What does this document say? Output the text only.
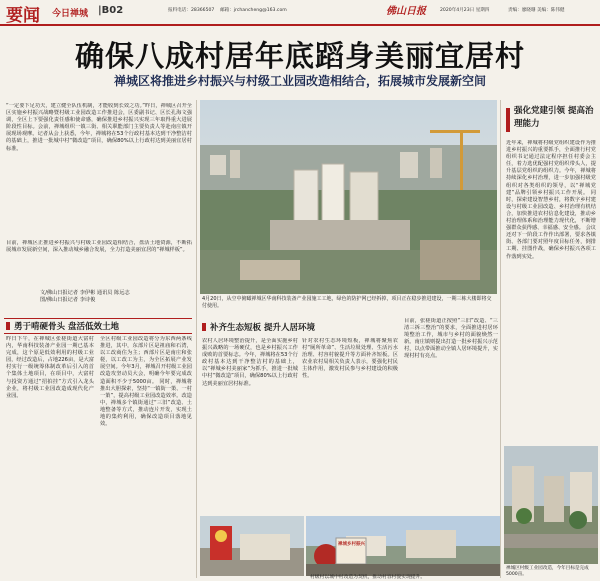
要闻 今日禅城 |B02	报料电话：28366507 邮箱：jrchancheng@163.com	佛山日报	2020年4月23日 星期四	责编：廖晓珊 美编：陈伟健
确保八成村居年底蹈身美丽宜居村
禅城区将推进乡村振兴与村级工业园改造相结合，拓展城市发展新空间
“一定要下足功夫，建立健全队伍机制，才能收到长效之功。”昨日，禅城区召开全区实施乡村振兴战略暨村级工业园改造工作推进会，区委副书记、区长孔海文强调，全区上下要强化责任感和使命感，确保推进乡村振兴实现三年取得重大进展阶段性目标。会前，禅城组织一镇三街、相关职能部门主要负责人等赴南庄镇开展现场观摩。记者从会上获悉，今年，禅城将在53个行政村基本达到干净整洁村的基础上，推进一批城中村“微改造”项目，确保80%以上行政村达到美丽宜居村标准。
目前，禅城区正推进乡村振兴与村级工业园改造相结合，盘活土地资源，不断拓展城市发展新空间，深入推动城乡融合发展，全力打造美丽宜居的“禅城样板”。
文/佛山日报记者 李伊彬 通讯员 陈远志
图/佛山日报记者 李诗俊
勇于啃硬骨头 盘活低效土地
昨日下午，在禅城区张槎街道大富村内，华南科技装备产业园一期已基本完成，这个原是低效利用的村级工业园，经过改造后，占地226亩，是大富村实行一级统筹体制改革后引入的首个集体土地项目，在项目中，大富村与投资方通过“招拍挂”方式引入龙头企业，将村级工业园改造成现代化产业园。
全区村级工业园改造将分为东西两条线推进，其中，东部片区是祖庙和石湾，以工改商住为主；西部片区是南庄和张槎，以工改工为主，为全区拓展产业发展空间。今年3月，禅城召开村级工业园改造攻坚动员大会，明确今年要完成改造面积不少于5000亩。 同时，禅城将推出大胆探索，坚持“一镇街一策、一村一策”，提高村级工业园改造效率。改造中，禅城多个镇街通过“三旧”改造、土地整备等方式，推动连片开发，实现土地的集约利用，确保改造项目落地见效。
4月20日，从空中俯瞰禅城区华南科技装备产业园施工工地，绿色的防护网已经拆掉，项目正在稳步推进建设，一期三栋大楼即将交付使用。
补齐生态短板 提升人居环境
农村人居环境整治提升，是全面实施乡村振兴战略的一场硬仗，也是乡村振兴工作成败的首要标志。今年，禅城将在53个行政村基本达到干净整洁村的基础上，以“禅城乡村美丽家”为抓手，推进一批城中村“微改造”项目，确保80%以上行政村达到美丽宜居村标准。
针对农村生态环境短板，禅城将聚焦农村“厕所革命”、生活垃圾处理、生活污水治理、村容村貌提升等方面补齐短板。区农业农村局相关负责人表示，要强化村民主体作用，激发村民参与乡村建设的积极性。
目前，张槎街道正按照“三旧”改造、“三清三拆三整治”的要求，全面推进村居环境整治工作，城市与乡村的面貌焕然一新。南庄镇则提出打造一批乡村振兴示范村，以点带面推动全镇人居环境提升，实现村村有亮点。
禅城乡村振兴
村级村以城中村改造为契机，推动村容村貌实现提升。
强化党建引领 提高治理能力
近年来，禅城将村级党组织建设作为推进乡村振兴的重要抓手，全面推行村党组织书记通过法定程序担任村委会主任，着力选优配强村党组织带头人，提升基层党组织的组织力。今年，禅城将持续深化乡村治理，进一步加强村级党组织对各类组织的领导，以“禅城党建”品牌引领乡村振兴工作开展。 同时，探索建设智慧乡村，将数字乡村建设与村级工业园改造、乡村治理有机结合，加快推进农村信息化建设，推动乡村治理体系和治理能力现代化，不断增强群众获得感、幸福感、安全感。 会议还对下一阶段工作作出部署，要求各镇街、各部门要对照年度目标任务，倒排工期、挂图作战，确保乡村振兴各项工作落到实处。
禅城区村级工业园改造，今年目标是完成5000亩。
